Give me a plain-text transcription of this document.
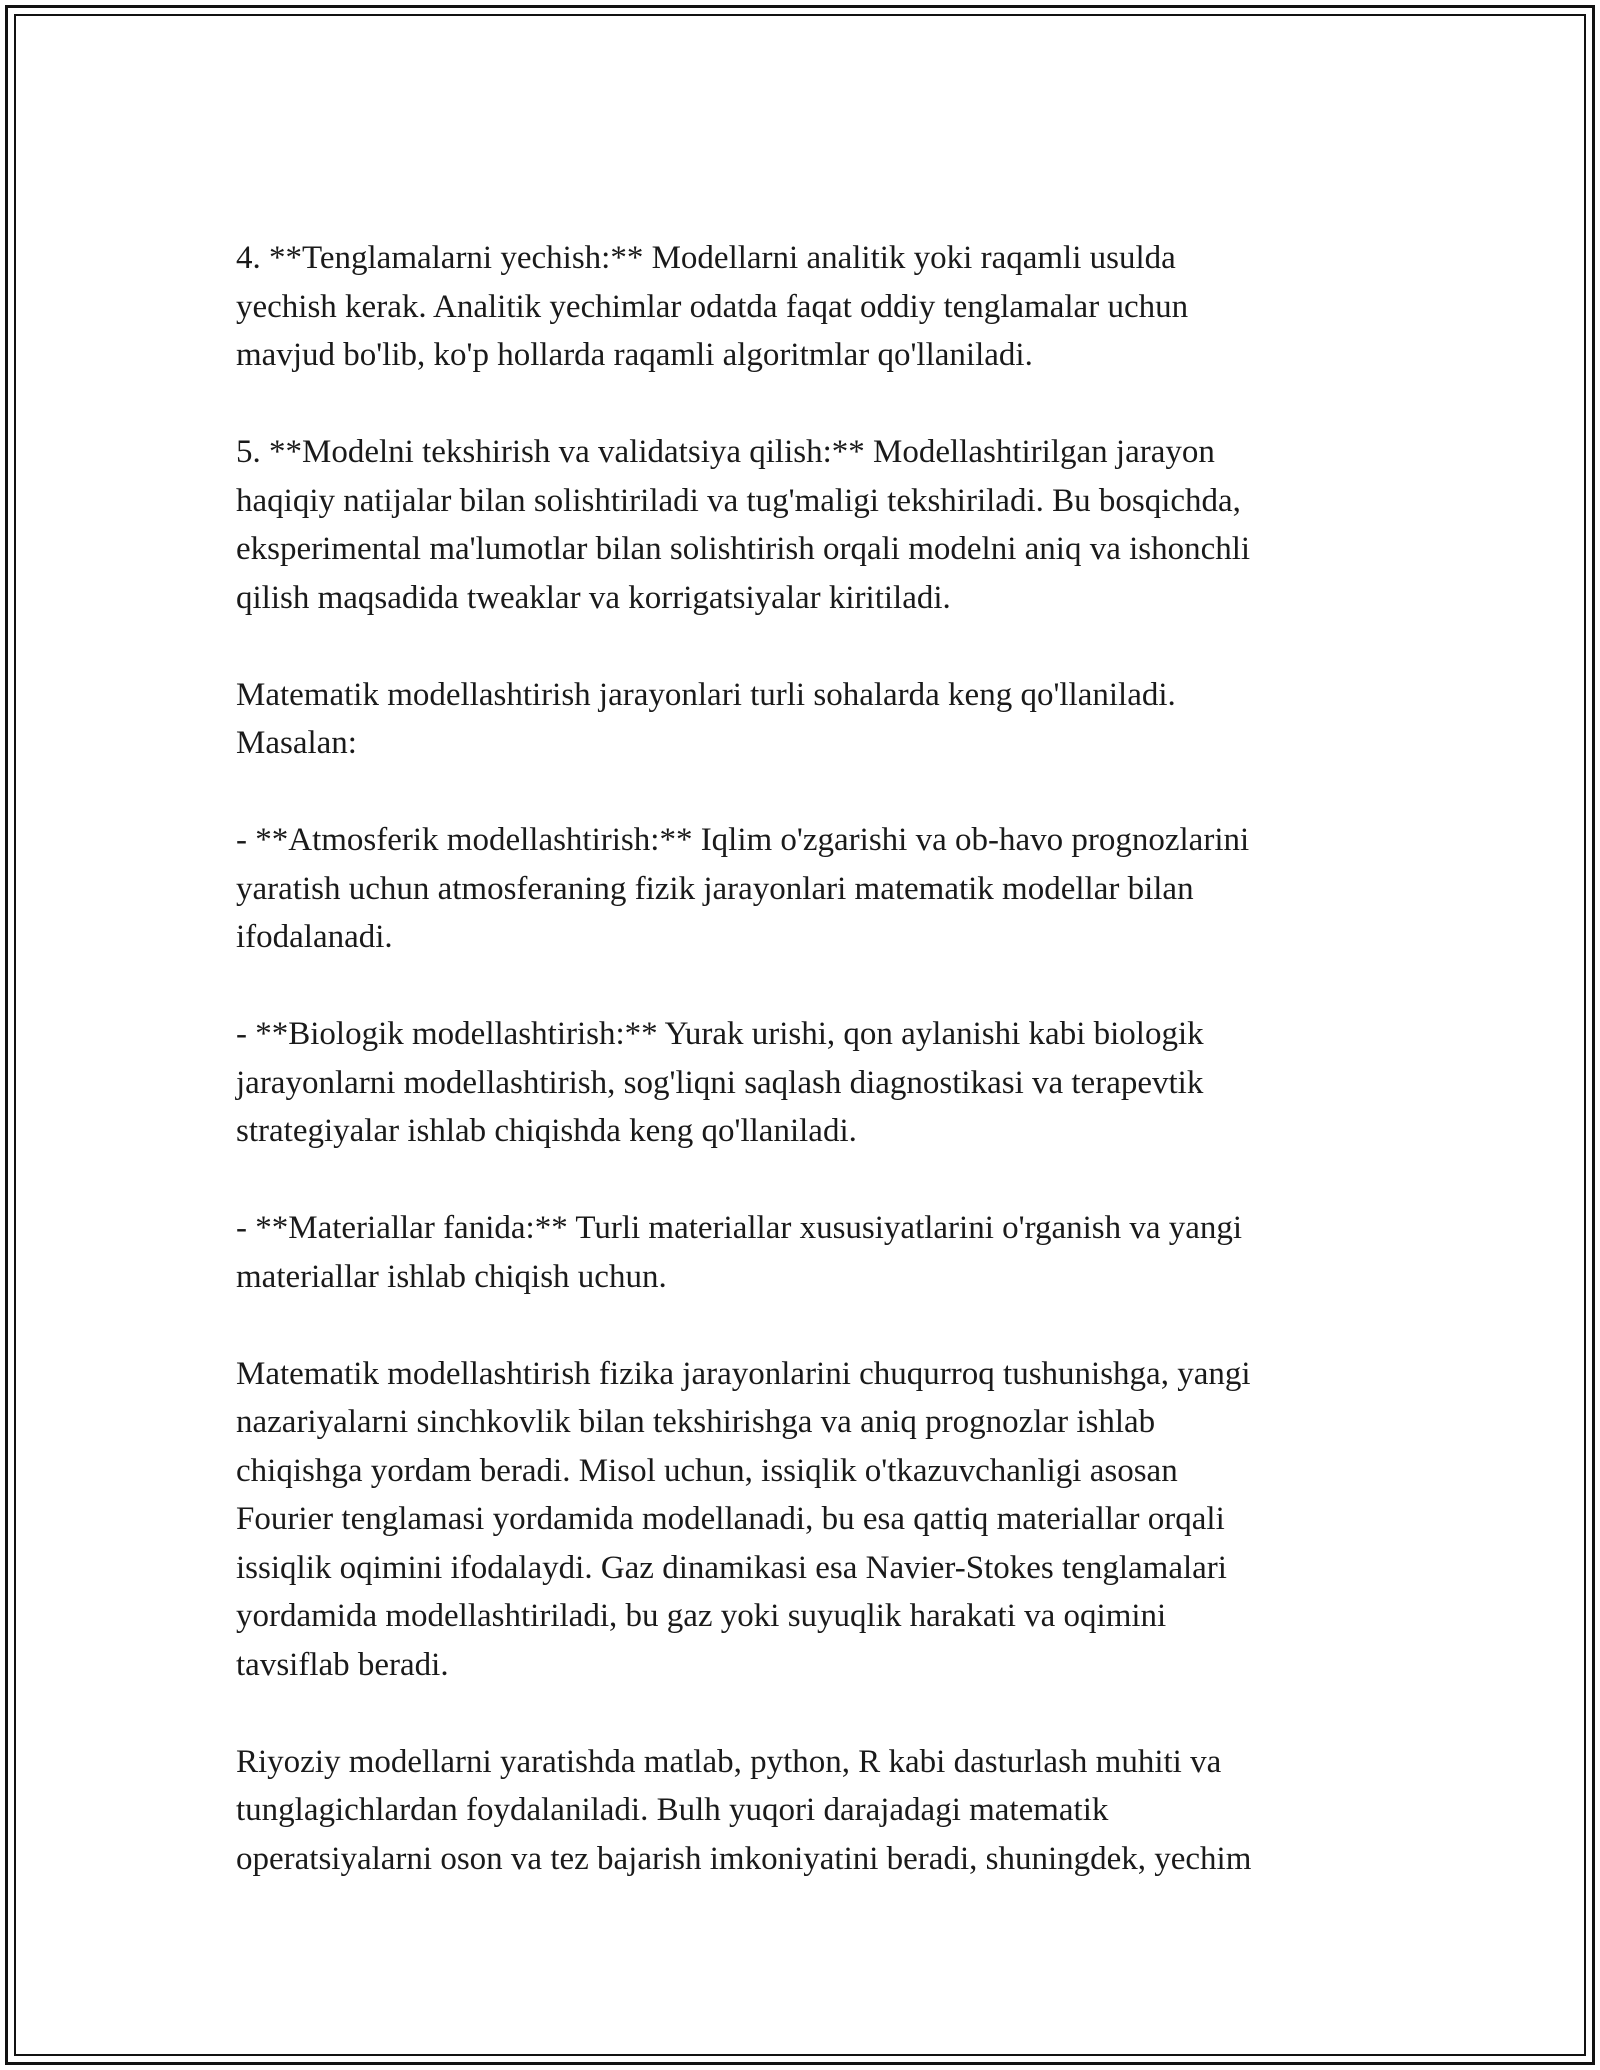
4. **Tenglamalarni yechish:** Modellarni analitik yoki raqamli usulda
yechish kerak. Analitik yechimlar odatda faqat oddiy tenglamalar uchun
mavjud bo'lib, ko'p hollarda raqamli algoritmlar qo'llaniladi.

5. **Modelni tekshirish va validatsiya qilish:** Modellashtirilgan jarayon
haqiqiy natijalar bilan solishtiriladi va tug'maligi tekshiriladi. Bu bosqichda,
eksperimental ma'lumotlar bilan solishtirish orqali modelni aniq va ishonchli
qilish maqsadida tweaklar va korrigatsiyalar kiritiladi.

Matematik modellashtirish jarayonlari turli sohalarda keng qo'llaniladi.
Masalan:

- **Atmosferik modellashtirish:** Iqlim o'zgarishi va ob-havo prognozlarini
yaratish uchun atmosferaning fizik jarayonlari matematik modellar bilan
ifodalanadi.

- **Biologik modellashtirish:** Yurak urishi, qon aylanishi kabi biologik
jarayonlarni modellashtirish, sog'liqni saqlash diagnostikasi va terapevtik
strategiyalar ishlab chiqishda keng qo'llaniladi.

- **Materiallar fanida:** Turli materiallar xususiyatlarini o'rganish va yangi
materiallar ishlab chiqish uchun.

Matematik modellashtirish fizika jarayonlarini chuqurroq tushunishga, yangi
nazariyalarni sinchkovlik bilan tekshirishga va aniq prognozlar ishlab
chiqishga yordam beradi. Misol uchun, issiqlik o'tkazuvchanligi asosan
Fourier tenglamasi yordamida modellanadi, bu esa qattiq materiallar orqali
issiqlik oqimini ifodalaydi. Gaz dinamikasi esa Navier-Stokes tenglamalari
yordamida modellashtiriladi, bu gaz yoki suyuqlik harakati va oqimini
tavsiflab beradi.

Riyoziy modellarni yaratishda matlab, python, R kabi dasturlash muhiti va
tunglagichlardan foydalaniladi. Bulh yuqori darajadagi matematik
operatsiyalarni oson va tez bajarish imkoniyatini beradi, shuningdek, yechim
